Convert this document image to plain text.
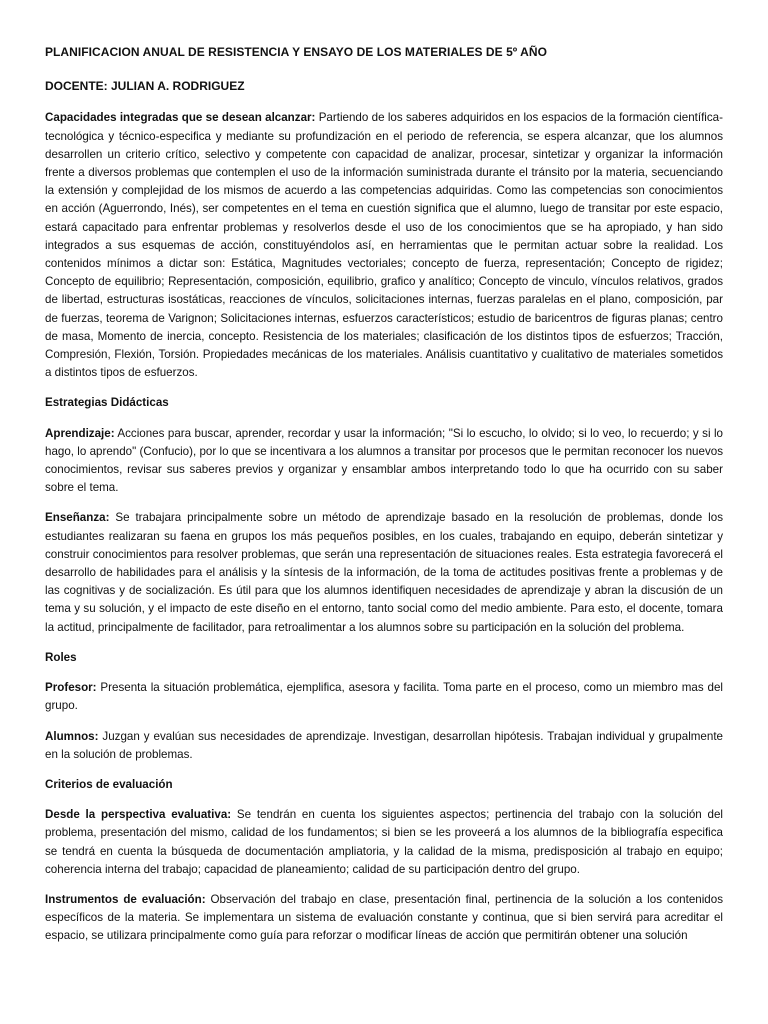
PLANIFICACION ANUAL DE RESISTENCIA Y ENSAYO DE LOS MATERIALES DE 5º AÑO
DOCENTE: JULIAN A. RODRIGUEZ

Capacidades integradas que se desean alcanzar: Partiendo de los saberes adquiridos en los espacios de la formación científica-tecnológica y técnico-especifica y mediante su profundización en el periodo de referencia, se espera alcanzar, que los alumnos desarrollen un criterio crítico, selectivo y competente con capacidad de analizar, procesar, sintetizar y organizar la información frente a diversos problemas que contemplen el uso de la información suministrada durante el tránsito por la materia, secuenciando la extensión y complejidad de los mismos de acuerdo a las competencias adquiridas. Como las competencias son conocimientos en acción (Aguerrondo, Inés), ser competentes en el tema en cuestión significa que el alumno, luego de transitar por este espacio, estará capacitado para enfrentar problemas y resolverlos desde el uso de los conocimientos que se ha apropiado, y han sido integrados a sus esquemas de acción, constituyéndolos así, en herramientas que le permitan actuar sobre la realidad. Los contenidos mínimos a dictar son: Estática, Magnitudes vectoriales; concepto de fuerza, representación; Concepto de rigidez; Concepto de equilibrio; Representación, composición, equilibrio, grafico y analítico; Concepto de vinculo, vínculos relativos, grados de libertad, estructuras isostáticas, reacciones de vínculos, solicitaciones internas, fuerzas paralelas en el plano, composición, par de fuerzas, teorema de Varignon; Solicitaciones internas, esfuerzos característicos; estudio de baricentros de figuras planas; centro de masa, Momento de inercia, concepto. Resistencia de los materiales; clasificación de los distintos tipos de esfuerzos; Tracción, Compresión, Flexión, Torsión. Propiedades mecánicas de los materiales. Análisis cuantitativo y cualitativo de materiales sometidos a distintos tipos de esfuerzos.

Estrategias Didácticas

Aprendizaje: Acciones para buscar, aprender, recordar y usar la información; "Si lo escucho, lo olvido; si lo veo, lo recuerdo; y si lo hago, lo aprendo" (Confucio), por lo que se incentivara a los alumnos a transitar por procesos que le permitan reconocer los nuevos conocimientos, revisar sus saberes previos y organizar y ensamblar ambos interpretando todo lo que ha ocurrido con su saber sobre el tema.

Enseñanza: Se trabajara principalmente sobre un método de aprendizaje basado en la resolución de problemas, donde los estudiantes realizaran su faena en grupos los más pequeños posibles, en los cuales, trabajando en equipo, deberán sintetizar y construir conocimientos para resolver problemas, que serán una representación de situaciones reales. Esta estrategia favorecerá el desarrollo de habilidades para el análisis y la síntesis de la información, de la toma de actitudes positivas frente a problemas y de las cognitivas y de socialización. Es útil para que los alumnos identifiquen necesidades de aprendizaje y abran la discusión de un tema y su solución, y el impacto de este diseño en el entorno, tanto social como del medio ambiente. Para esto, el docente, tomara la actitud, principalmente de facilitador, para retroalimentar a los alumnos sobre su participación en la solución del problema.

Roles

Profesor: Presenta la situación problemática, ejemplifica, asesora y facilita. Toma parte en el proceso, como un miembro mas del grupo.

Alumnos: Juzgan y evalúan sus necesidades de aprendizaje. Investigan, desarrollan hipótesis. Trabajan individual y grupalmente en la solución de problemas.

Criterios de evaluación

Desde la perspectiva evaluativa: Se tendrán en cuenta los siguientes aspectos; pertinencia del trabajo con la solución del problema, presentación del mismo, calidad de los fundamentos; si bien se les proveerá a los alumnos de la bibliografía especifica se tendrá en cuenta la búsqueda de documentación ampliatoria, y la calidad de la misma, predisposición al trabajo en equipo; coherencia interna del trabajo; capacidad de planeamiento; calidad de su participación dentro del grupo.

Instrumentos de evaluación: Observación del trabajo en clase, presentación final, pertinencia de la solución a los contenidos específicos de la materia. Se implementara un sistema de evaluación constante y continua, que si bien servirá para acreditar el espacio, se utilizara principalmente como guía para reforzar o modificar líneas de acción que permitirán obtener una solución
